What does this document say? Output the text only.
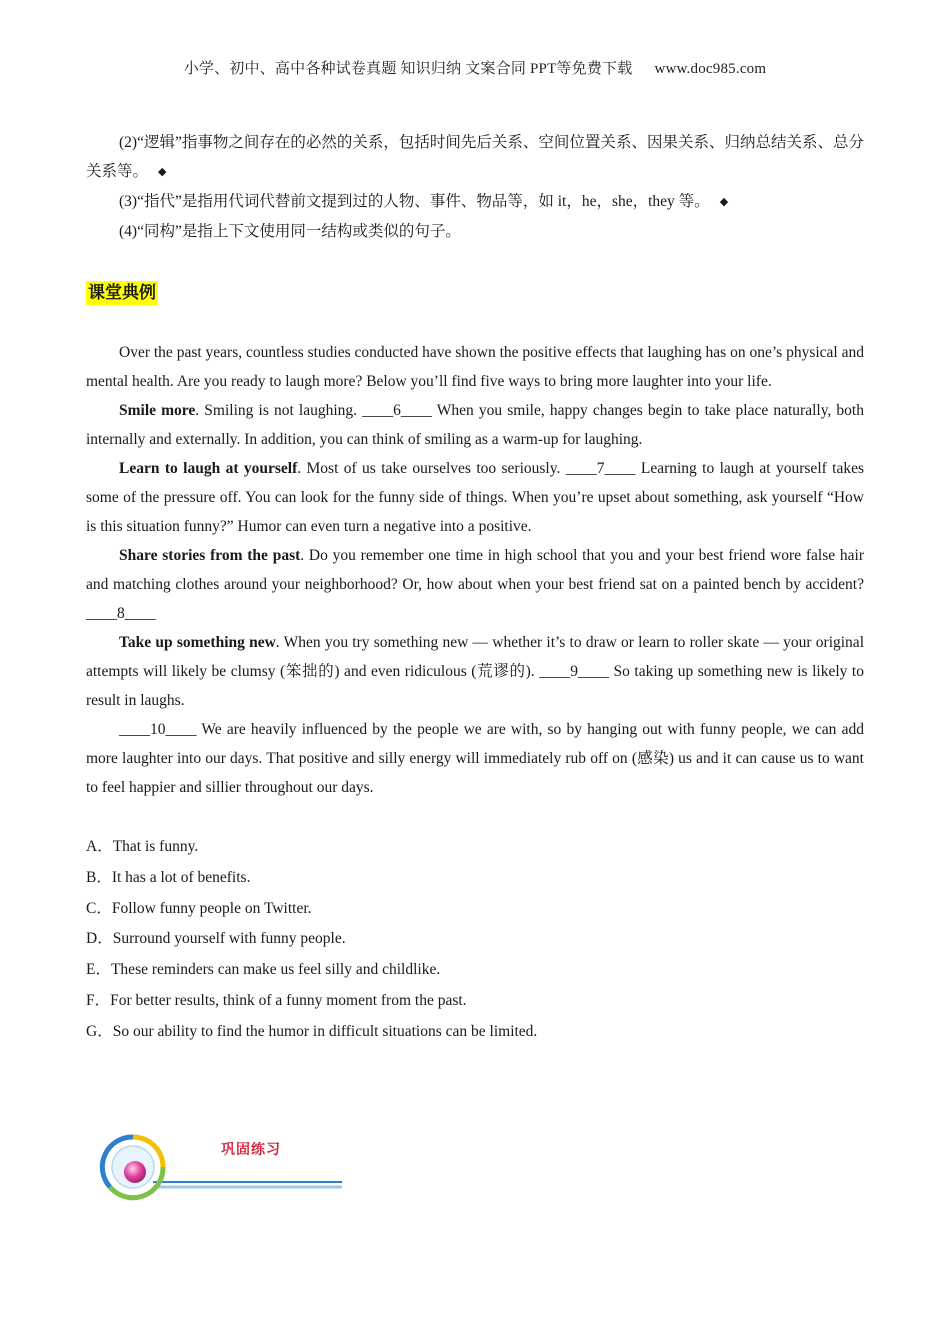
小学、初中、高中各种试卷真题 知识归纳 文案合同 PPT等免费下载 www.doc985.com

(2)“逻辑”指事物之间存在的必然的关系，包括时间先后关系、空间位置关系、因果关系、归纳总结关系、总分关系等。 ◆

(3)“指代”是指用代词代替前文提到过的人物、事件、物品等，如 it，he，she，they 等。 ◆

(4)“同构”是指上下文使用同一结构或类似的句子。

课堂典例

Over the past years, countless studies conducted have shown the positive effects that laughing has on one’s physical and mental health. Are you ready to laugh more? Below you’ll find five ways to bring more laughter into your life.

Smile more. Smiling is not laughing. ____6____ When you smile, happy changes begin to take place naturally, both internally and externally. In addition, you can think of smiling as a warm-up for laughing.

Learn to laugh at yourself. Most of us take ourselves too seriously. ____7____ Learning to laugh at yourself takes some of the pressure off. You can look for the funny side of things. When you’re upset about something, ask yourself “How is this situation funny?” Humor can even turn a negative into a positive.

Share stories from the past. Do you remember one time in high school that you and your best friend wore false hair and matching clothes around your neighborhood? Or, how about when your best friend sat on a painted bench by accident? ____8____

Take up something new. When you try something new — whether it’s to draw or learn to roller skate — your original attempts will likely be clumsy (笨拙的) and even ridiculous (荒谬的). ____9____ So taking up something new is likely to result in laughs.

____10____ We are heavily influenced by the people we are with, so by hanging out with funny people, we can add more laughter into our days. That positive and silly energy will immediately rub off on (感染) us and it can cause us to want to feel happier and sillier throughout our days.

A．That is funny.
B．It has a lot of benefits.
C．Follow funny people on Twitter.
D．Surround yourself with funny people.
E．These reminders can make us feel silly and childlike.
F．For better results, think of a funny moment from the past.
G．So our ability to find the humor in difficult situations can be limited.
巩固练习
